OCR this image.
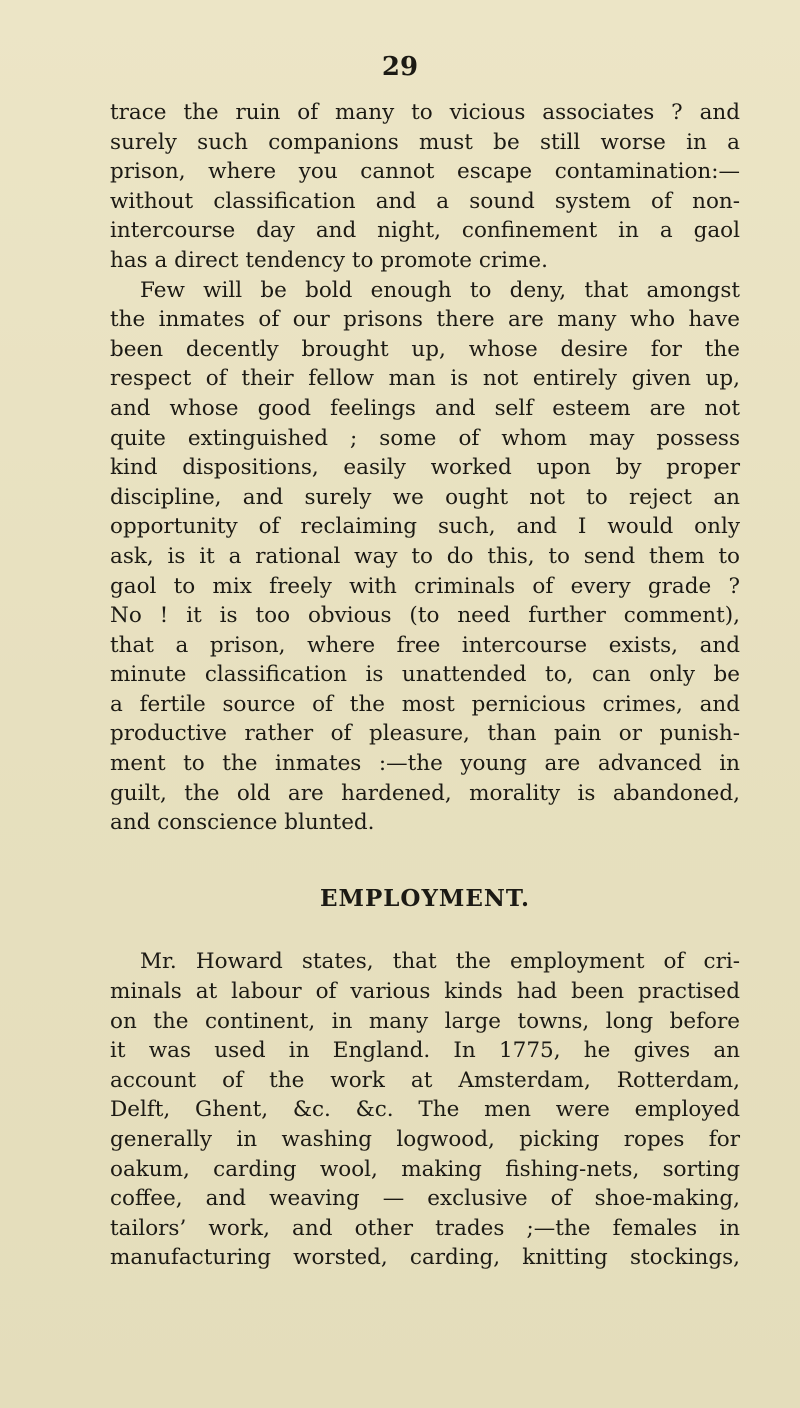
29
trace the ruin of many to vicious associates ? and
surely such companions must be still worse in a
prison, where you cannot escape contamination:—
without classification and a sound system of non-
intercourse day and night, confinement in a gaol
has a direct tendency to promote crime.
Few will be bold enough to deny, that amongst
the inmates of our prisons there are many who have
been decently brought up, whose desire for the
respect of their fellow man is not entirely given up,
and whose good feelings and self esteem are not
quite extinguished ; some of whom may possess
kind dispositions, easily worked upon by proper
discipline, and surely we ought not to reject an
opportunity of reclaiming such, and I would only
ask, is it a rational way to do this, to send them to
gaol to mix freely with criminals of every grade ?
No ! it is too obvious (to need further comment),
that a prison, where free intercourse exists, and
minute classification is unattended to, can only be
a fertile source of the most pernicious crimes, and
productive rather of pleasure, than pain or punish-
ment to the inmates :—the young are advanced in
guilt, the old are hardened, morality is abandoned,
and conscience blunted.
EMPLOYMENT.
Mr. Howard states, that the employment of cri-
minals at labour of various kinds had been practised
on the continent, in many large towns, long before
it was used in England. In 1775, he gives an
account of the work at Amsterdam, Rotterdam,
Delft, Ghent, &c. &c. The men were employed
generally in washing logwood, picking ropes for
oakum, carding wool, making fishing-nets, sorting
coffee, and weaving — exclusive of shoe-making,
tailors’ work, and other trades ;—the females in
manufacturing worsted, carding, knitting stockings,
